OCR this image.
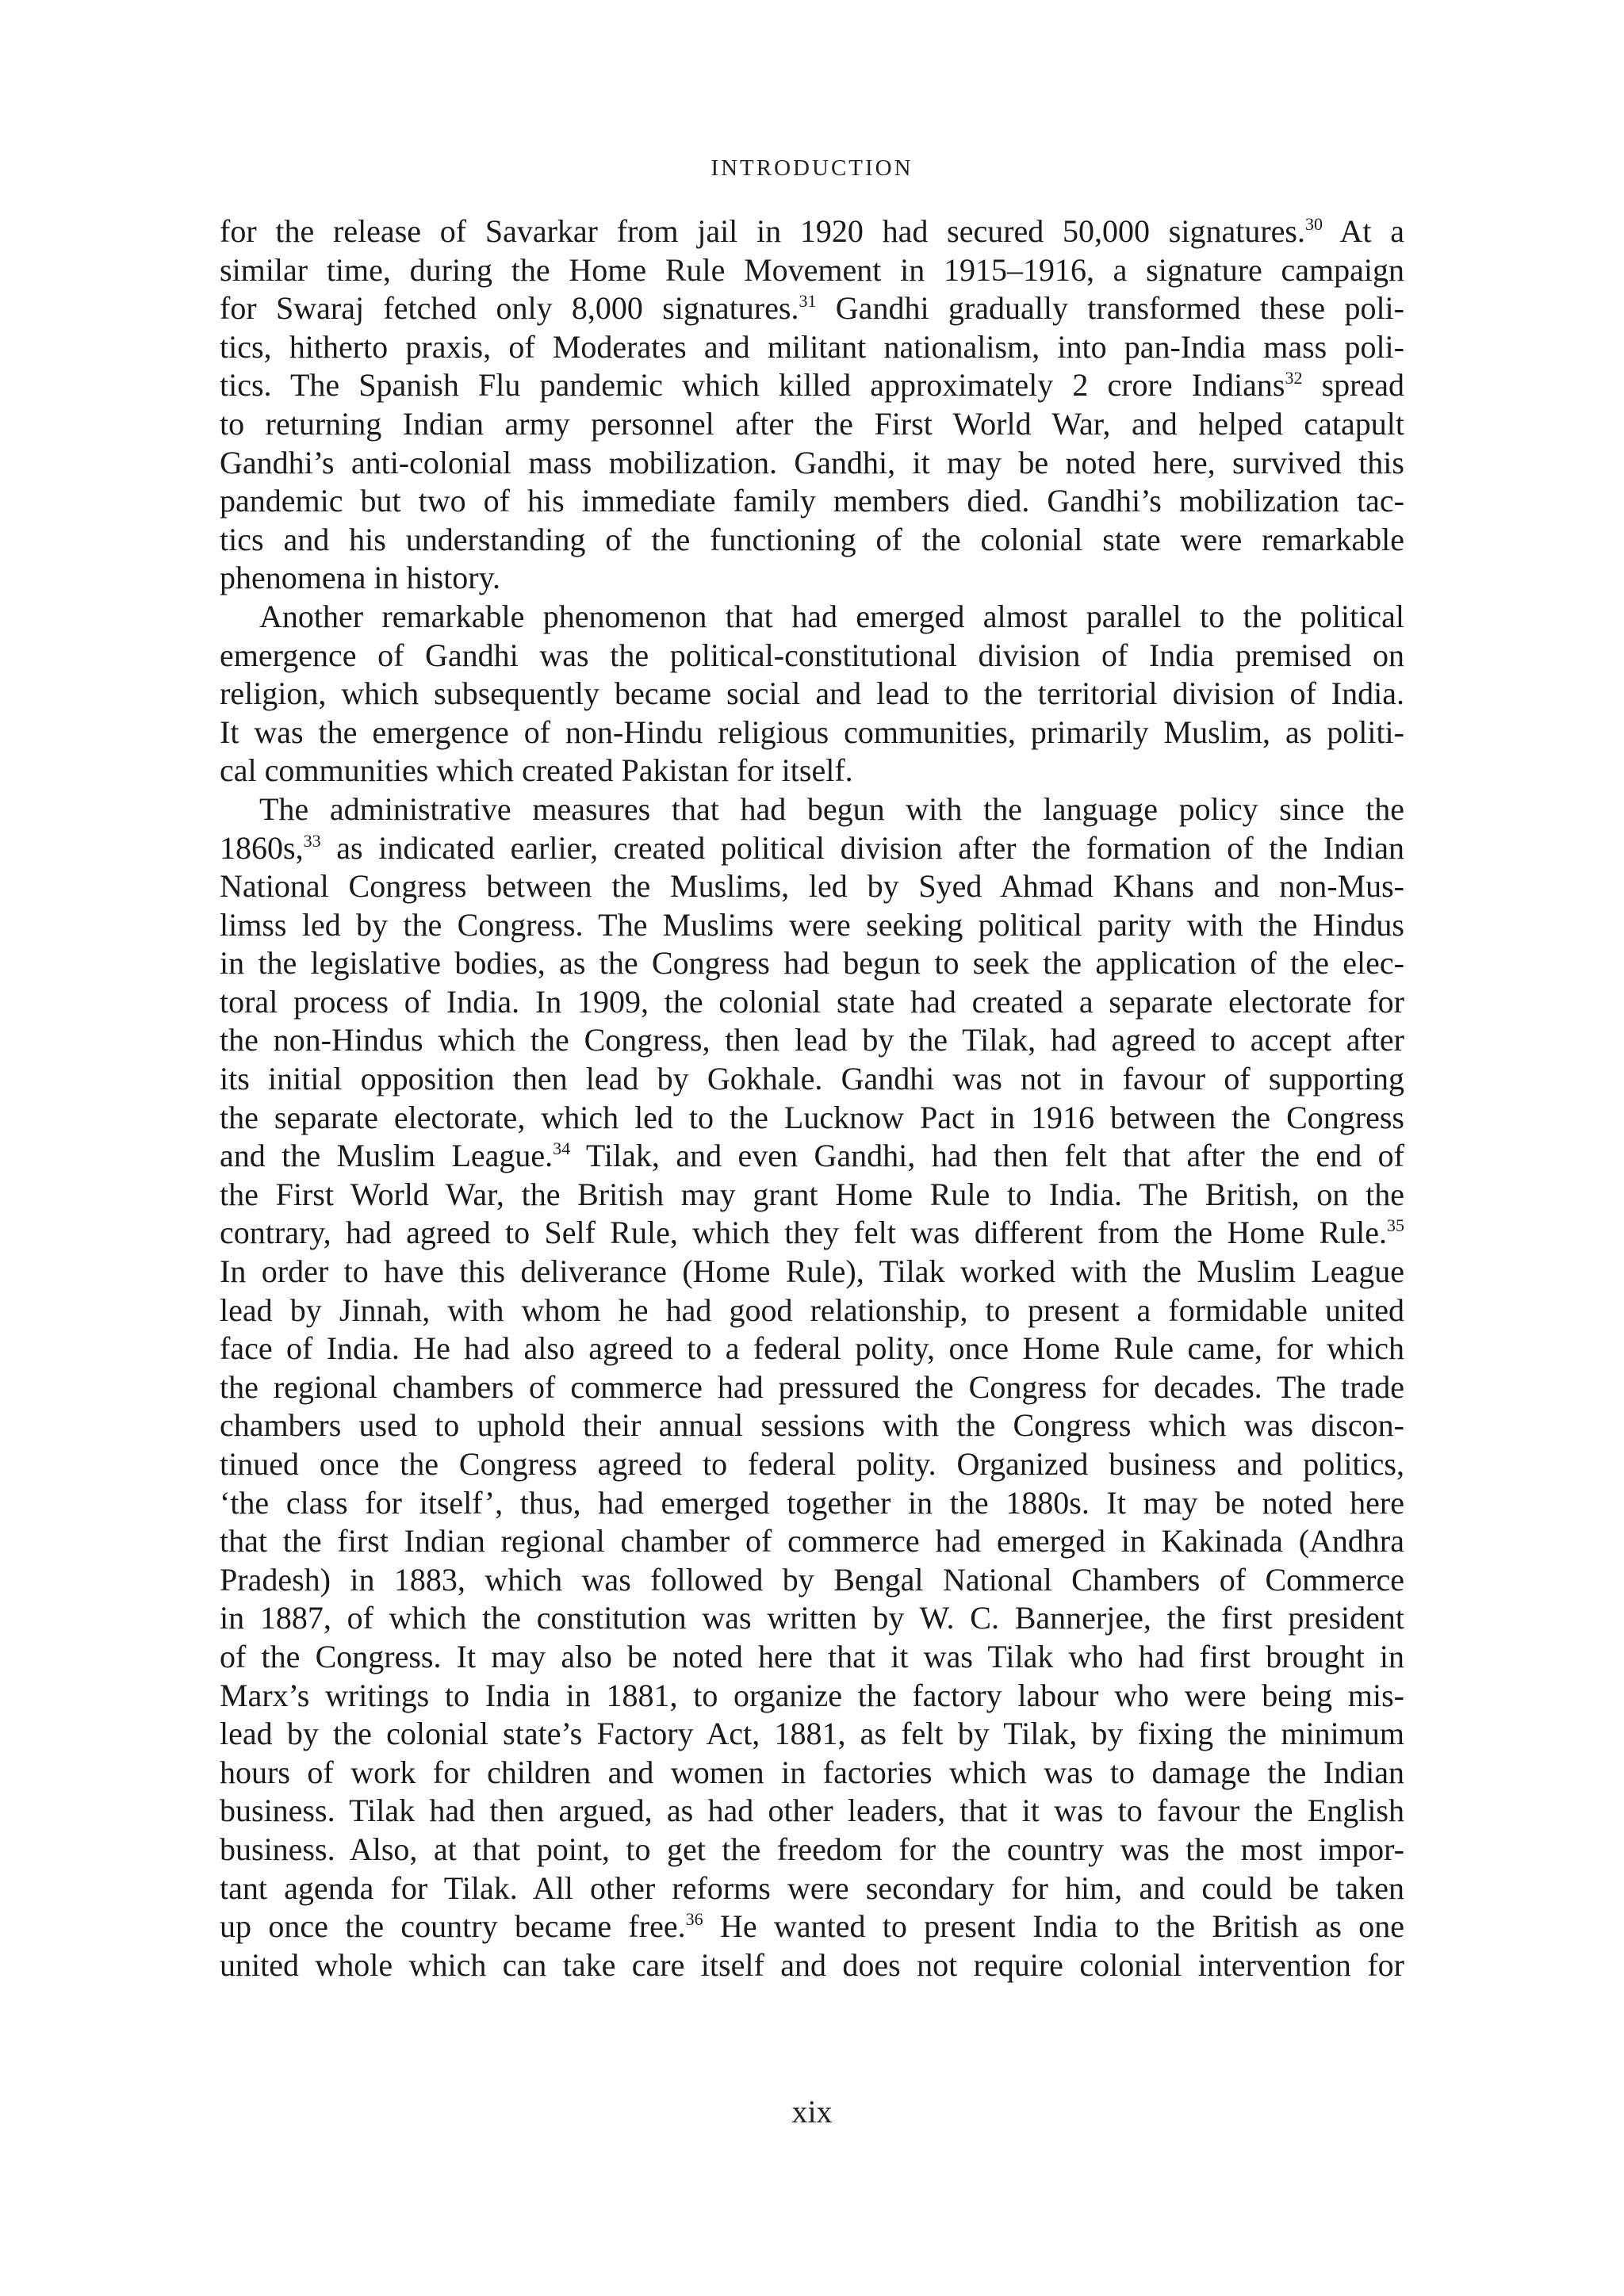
INTRODUCTION

for the release of Savarkar from jail in 1920 had secured 50,000 signatures.$^{30}$ At a

similar time, during the Home Rule Movement in 1915–1916, a signature campaign

for Swaraj fetched only 8,000 signatures.$^{31}$ Gandhi gradually transformed these poli-

tics, hitherto praxis, of Moderates and militant nationalism, into pan-India mass poli-

tics. The Spanish Flu pandemic which killed approximately 2 crore Indians$^{32}$ spread

to returning Indian army personnel after the First World War, and helped catapult

Gandhi’s anti-colonial mass mobilization. Gandhi, it may be noted here, survived this

pandemic but two of his immediate family members died. Gandhi’s mobilization tac-

tics and his understanding of the functioning of the colonial state were remarkable

phenomena in history.

Another remarkable phenomenon that had emerged almost parallel to the political

emergence of Gandhi was the political-constitutional division of India premised on

religion, which subsequently became social and lead to the territorial division of India.

It was the emergence of non-Hindu religious communities, primarily Muslim, as politi-

cal communities which created Pakistan for itself.

The administrative measures that had begun with the language policy since the

1860s,$^{33}$ as indicated earlier, created political division after the formation of the Indian

National Congress between the Muslims, led by Syed Ahmad Khans and non-Mus-

limss led by the Congress. The Muslims were seeking political parity with the Hindus

in the legislative bodies, as the Congress had begun to seek the application of the elec-

toral process of India. In 1909, the colonial state had created a separate electorate for

the non-Hindus which the Congress, then lead by the Tilak, had agreed to accept after

its initial opposition then lead by Gokhale. Gandhi was not in favour of supporting

the separate electorate, which led to the Lucknow Pact in 1916 between the Congress

and the Muslim League.$^{34}$ Tilak, and even Gandhi, had then felt that after the end of

the First World War, the British may grant Home Rule to India. The British, on the

contrary, had agreed to Self Rule, which they felt was different from the Home Rule.$^{35}$

In order to have this deliverance (Home Rule), Tilak worked with the Muslim League

lead by Jinnah, with whom he had good relationship, to present a formidable united

face of India. He had also agreed to a federal polity, once Home Rule came, for which

the regional chambers of commerce had pressured the Congress for decades. The trade

chambers used to uphold their annual sessions with the Congress which was discon-

tinued once the Congress agreed to federal polity. Organized business and politics,

‘the class for itself’, thus, had emerged together in the 1880s. It may be noted here

that the first Indian regional chamber of commerce had emerged in Kakinada (Andhra

Pradesh) in 1883, which was followed by Bengal National Chambers of Commerce

in 1887, of which the constitution was written by W. C. Bannerjee, the first president

of the Congress. It may also be noted here that it was Tilak who had first brought in

Marx’s writings to India in 1881, to organize the factory labour who were being mis-

lead by the colonial state’s Factory Act, 1881, as felt by Tilak, by fixing the minimum

hours of work for children and women in factories which was to damage the Indian

business. Tilak had then argued, as had other leaders, that it was to favour the English

business. Also, at that point, to get the freedom for the country was the most impor-

tant agenda for Tilak. All other reforms were secondary for him, and could be taken

up once the country became free.$^{36}$ He wanted to present India to the British as one

united whole which can take care itself and does not require colonial intervention for

xix
